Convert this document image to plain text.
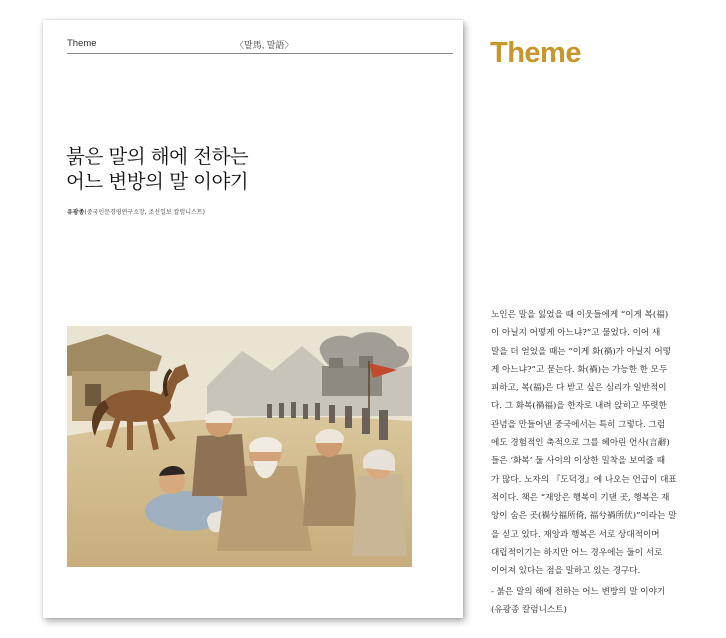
Theme	〈말馬, 말語〉
붉은 말의 해에 전하는
어느 변방의 말 이야기
유광종(중국인문경영연구소장, 조선일보 칼럼니스트)
Theme

노인은 말을 잃었을 때 이웃들에게 “이게 복(福)

이 아닐지 어떻게 아느냐?”고 물었다. 이어 새

말을 더 얻었을 때는 “이게 화(禍)가 아닐지 어떻

게 아느냐?”고 묻는다. 화(禍)는 가능한 한 모두

피하고, 복(福)은 다 받고 싶은 심리가 일반적이

다. 그 화복(禍福)을 한자로 내려 앉히고 뚜렷한

관념을 만들어낸 중국에서는 특히 그렇다. 그럼

에도 경험적인 축적으로 그를 헤아린 언사(言辭)

들은 ‘화복’ 둘 사이의 이상한 밀착을 보여줄 때

가 많다. 노자의 『도덕경』에 나오는 언급이 대표

적이다. 책은 “재앙은 행복이 기댄 곳, 행복은 재

앙이 숨은 곳(禍兮福所倚, 福兮禍所伏)”이라는 말

을 싣고 있다. 재앙과 행복은 서로 상대적이며

대립적이기는 하지만 어느 경우에는 둘이 서로

이어져 있다는 점을 말하고 있는 경구다.

- 붉은 말의 해에 전하는 어느 변방의 말 이야기

(유광종 칼럼니스트)
